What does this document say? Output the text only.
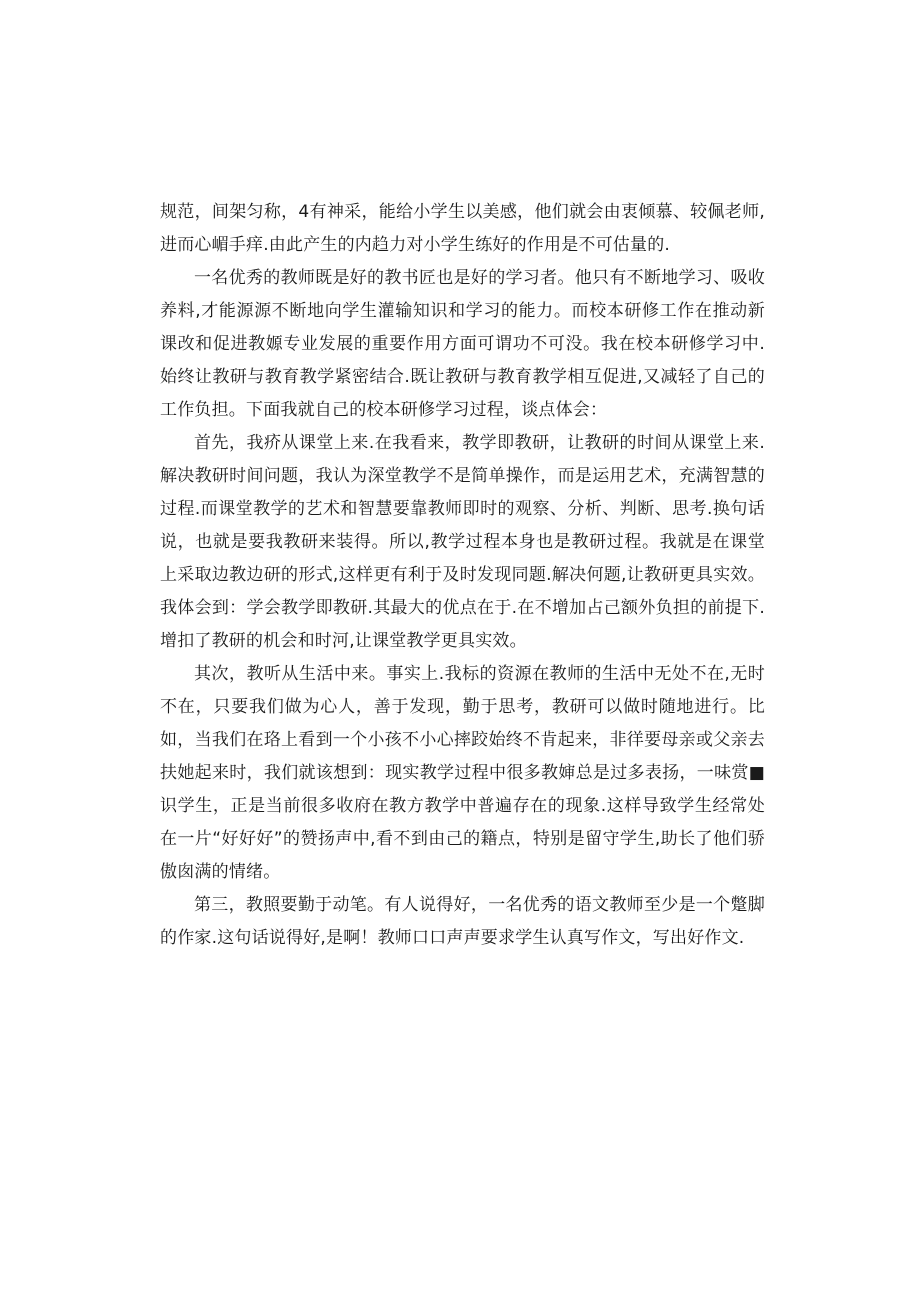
规范，间架匀称，4有神采，能给小学生以美感，他们就会由衷倾慕、较佩老师,进而心嵋手痒.由此产生的内趋力对小学生练好的作用是不可估量的.

一名优秀的教师既是好的教书匠也是好的学习者。他只有不断地学习、吸收养料,才能源源不断地向学生灌输知识和学习的能力。而校本研修工作在推动新课改和促进教嫄专业发展的重要作用方面可谓功不可没。我在校本研修学习中.始终让教研与教育教学紧密结合.既让教研与教育教学相互促进,又减轻了自己的工作负担。下面我就自己的校本研修学习过程，谈点体会：

首先，我疥从课堂上来.在我看来，教学即教研，让教研的时间从课堂上来.解决教研时间问题，我认为深堂教学不是简单操作，而是运用艺术，充满智慧的过程.而课堂教学的艺术和智慧要靠教师即时的观察、分析、判断、思考.换句话说，也就是要我教研来装得。所以,教学过程本身也是教研过程。我就是在课堂上采取边教边研的形式,这样更有利于及时发现同题.解决何题,让教研更具实效。我体会到：学会教学即教研.其最大的优点在于.在不增加占己额外负担的前提下.增扣了教研的机会和时河,让课堂教学更具实效。

其次，教听从生活中来。事实上.我标的资源在教师的生活中无处不在,无时不在，只要我们做为心人，善于发现，勤于思考，教研可以做时随地进行。比如，当我们在珞上看到一个小孩不小心摔跤始终不肯起来，非徉要母亲或父亲去扶她起来时，我们就该想到：现实教学过程中很多教婶总是过多表扬，一味赏■识学生，正是当前很多收府在教方教学中普遍存在的现象.这样导致学生经常处在一片“好好好”的赞扬声中,看不到由己的籍点，特别是留守学生,助长了他们骄傲囱满的情绪。

第三，教照要勤于动笔。有人说得好，一名优秀的语文教师至少是一个蹩脚的作家.这句话说得好,是啊！教师口口声声要求学生认真写作文，写出好作文.
